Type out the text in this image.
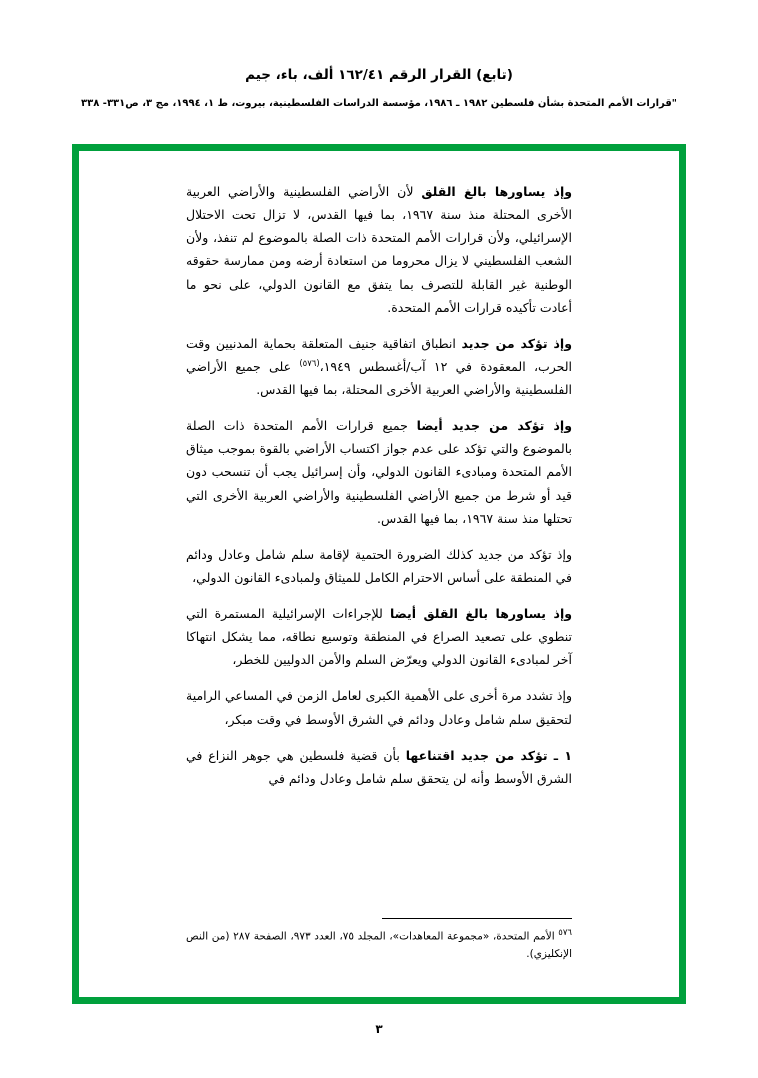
(تابع) القرار الرقم ١٦٢/٤١ ألف، باء، جيم
"قرارات الأمم المتحدة بشأن فلسطين ١٩٨٢ ـ ١٩٨٦، مؤسسة الدراسات الفلسطينية، بيروت، ط ١، ١٩٩٤، مج ٣، ص٣٣١- ٣٣٨

وإذ يساورها بالغ القلق لأن الأراضي الفلسطينية والأراضي العربية الأخرى المحتلة منذ سنة ١٩٦٧، بما فيها القدس، لا تزال تحت الاحتلال الإسرائيلي، ولأن قرارات الأمم المتحدة ذات الصلة بالموضوع لم تنفذ، ولأن الشعب الفلسطيني لا يزال محروما من استعادة أرضه ومن ممارسة حقوقه الوطنية غير القابلة للتصرف بما يتفق مع القانون الدولي، على نحو ما أعادت تأكيده قرارات الأمم المتحدة.

وإذ تؤكد من جديد انطباق اتفاقية جنيف المتعلقة بحماية المدنيين وقت الحرب، المعقودة في ١٢ آب/أغسطس ١٩٤٩،$^{(٥٧٦)}$ على جميع الأراضي الفلسطينية والأراضي العربية الأخرى المحتلة، بما فيها القدس.

وإذ تؤكد من جديد أيضا جميع قرارات الأمم المتحدة ذات الصلة بالموضوع والتي تؤكد على عدم جواز اكتساب الأراضي بالقوة بموجب ميثاق الأمم المتحدة ومبادىء القانون الدولي، وأن إسرائيل يجب أن تنسحب دون قيد أو شرط من جميع الأراضي الفلسطينية والأراضي العربية الأخرى التي تحتلها منذ سنة ١٩٦٧، بما فيها القدس.

وإذ تؤكد من جديد كذلك الضرورة الحتمية لإقامة سلم شامل وعادل ودائم في المنطقة على أساس الاحترام الكامل للميثاق ولمبادىء القانون الدولي،

وإذ يساورها بالغ القلق أيضا للإجراءات الإسرائيلية المستمرة التي تنطوي على تصعيد الصراع في المنطقة وتوسيع نطاقه، مما يشكل انتهاكا آخر لمبادىء القانون الدولي ويعرّض السلم والأمن الدوليين للخطر،

وإذ تشدد مرة أخرى على الأهمية الكبرى لعامل الزمن في المساعي الرامية لتحقيق سلم شامل وعادل ودائم في الشرق الأوسط في وقت مبكر،

١ ـ تؤكد من جديد اقتناعها بأن قضية فلسطين هي جوهر النزاع في الشرق الأوسط وأنه لن يتحقق سلم شامل وعادل ودائم في

$^{٥٧٦}$ الأمم المتحدة، «مجموعة المعاهدات»، المجلد ٧٥، العدد ٩٧٣، الصفحة ٢٨٧ (من النص الإنكليزي).
٣
